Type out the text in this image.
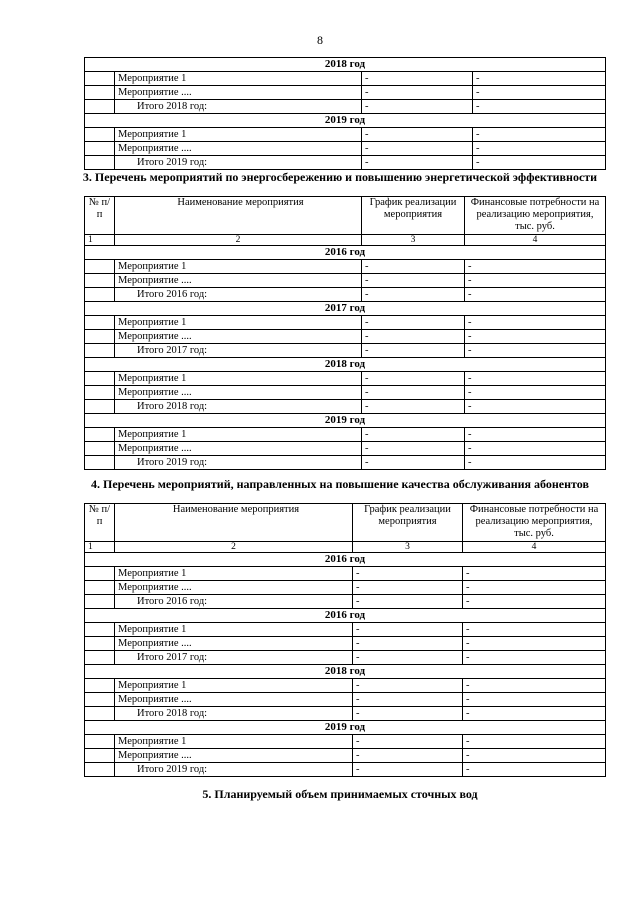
8
2018 год			
	Мероприятие 1	-	-
	Мероприятие ....	-	-
	Итого 2018 год:	-	-
2019 год			
	Мероприятие 1	-	-
	Мероприятие ....	-	-
	Итого 2019 год:	-	-
3. Перечень мероприятий по энергосбережению и повышению энергетической эффективности
№ п/п	Наименование мероприятия	График реализации мероприятия	Финансовые потребности на реализацию мероприятия, тыс. руб.
1	2	3	4
2016 год			
	Мероприятие 1	-	-
	Мероприятие ....	-	-
	Итого 2016 год:	-	-
2017 год			
	Мероприятие 1	-	-
	Мероприятие ....	-	-
	Итого 2017 год:	-	-
2018 год			
	Мероприятие 1	-	-
	Мероприятие ....	-	-
	Итого 2018 год:	-	-
2019 год			
	Мероприятие 1	-	-
	Мероприятие ....	-	-
	Итого 2019 год:	-	-
4. Перечень мероприятий, направленных на повышение качества обслуживания абонентов
№ п/п	Наименование мероприятия	График реализации мероприятия	Финансовые потребности на реализацию мероприятия, тыс. руб.
1	2	3	4
2016 год			
	Мероприятие 1	-	-
	Мероприятие ....	-	-
	Итого 2016 год:	-	-
2016 год			
	Мероприятие 1	-	-
	Мероприятие ....	-	-
	Итого 2017 год:	-	-
2018 год			
	Мероприятие 1	-	-
	Мероприятие ....	-	-
	Итого 2018 год:	-	-
2019 год			
	Мероприятие 1	-	-
	Мероприятие ....	-	-
	Итого 2019 год:	-	-
5. Планируемый объем принимаемых сточных вод
